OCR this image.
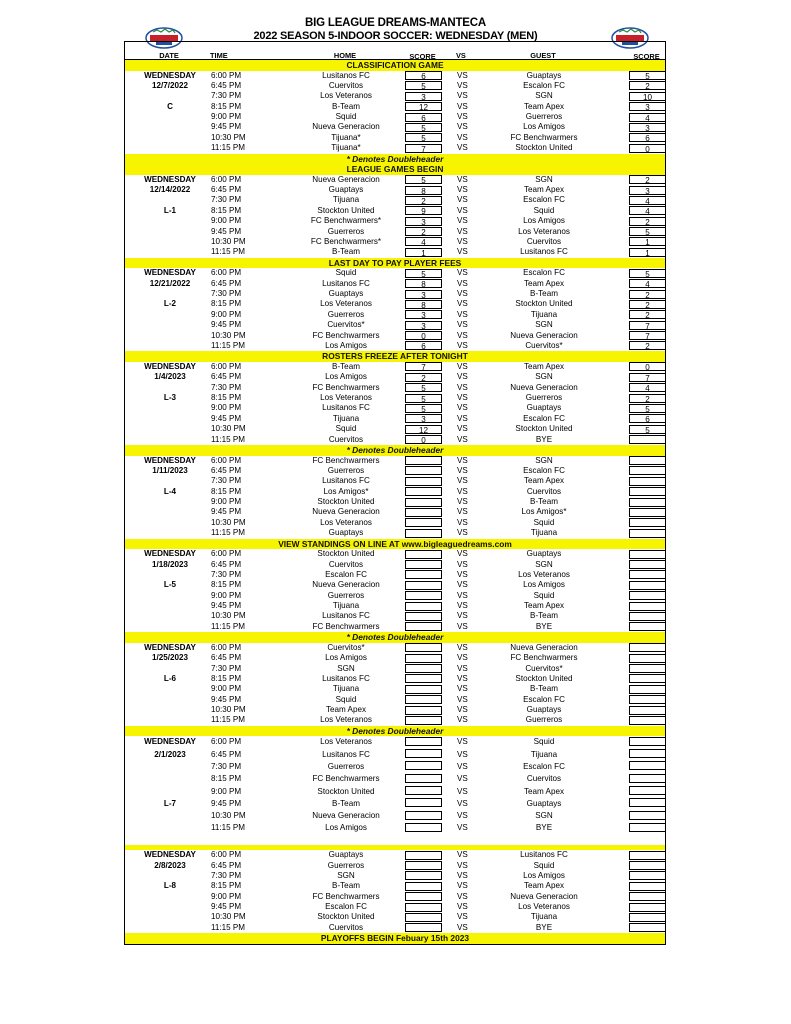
BIG LEAGUE DREAMS-MANTECA
2022 SEASON 5-INDOOR SOCCER: WEDNESDAY (MEN)
CLASSIFICATION GAME
WEDNESDAY	6:00 PM	Lusitanos FC	6	VS	Guaptays	5
12/7/2022	6:45 PM	Cuervitos	5	VS	Escalon FC	2
7:30 PM	Los Veteranos	3	VS	SGN	10
C	8:15 PM	B-Team	12	VS	Team Apex	3
9:00 PM	Squid	6	VS	Guerreros	4
9:45 PM	Nueva Generacion	5	VS	Los Amigos	3
10:30 PM	Tijuana*	5	VS	FC Benchwarmers	6
11:15 PM	Tijuana*	7	VS	Stockton United	0
* Denotes Doubleheader
LEAGUE GAMES BEGIN
WEDNESDAY	6:00 PM	Nueva Generacion	5	VS	SGN	2
12/14/2022	6:45 PM	Guaptays	8	VS	Team Apex	3
7:30 PM	Tijuana	2	VS	Escalon FC	4
L-1	8:15 PM	Stockton United	9	VS	Squid	4
9:00 PM	FC Benchwarmers*	3	VS	Los Amigos	2
9:45 PM	Guerreros	2	VS	Los Veteranos	5
10:30 PM	FC Benchwarmers*	4	VS	Cuervitos	1
11:15 PM	B-Team	1	VS	Lusitanos FC	1
LAST DAY TO PAY PLAYER FEES
WEDNESDAY	6:00 PM	Squid	5	VS	Escalon FC	5
12/21/2022	6:45 PM	Lusitanos FC	8	VS	Team Apex	4
7:30 PM	Guaptays	3	VS	B-Team	2
L-2	8:15 PM	Los Veteranos	8	VS	Stockton United	2
9:00 PM	Guerreros	3	VS	Tijuana	2
9:45 PM	Cuervitos*	3	VS	SGN	7
10:30 PM	FC Benchwarmers	0	VS	Nueva Generacion	7
11:15 PM	Los Amigos	6	VS	Cuervitos*	2
ROSTERS FREEZE AFTER TONIGHT
WEDNESDAY	6:00 PM	B-Team	7	VS	Team Apex	0
1/4/2023	6:45 PM	Los Amigos	2	VS	SGN	7
7:30 PM	FC Benchwarmers	5	VS	Nueva Generacion	4
L-3	8:15 PM	Los Veteranos	5	VS	Guerreros	2
9:00 PM	Lusitanos FC	5	VS	Guaptays	5
9:45 PM	Tijuana	3	VS	Escalon FC	6
10:30 PM	Squid	12	VS	Stockton United	5
11:15 PM	Cuervitos	0	VS	BYE
* Denotes Doubleheader
WEDNESDAY	6:00 PM	FC Benchwarmers	VS	SGN
1/11/2023	6:45 PM	Guerreros	VS	Escalon FC
7:30 PM	Lusitanos FC	VS	Team Apex
L-4	8:15 PM	Los Amigos*	VS	Cuervitos
9:00 PM	Stockton United	VS	B-Team
9:45 PM	Nueva Generacion	VS	Los Amigos*
10:30 PM	Los Veteranos	VS	Squid
11:15 PM	Guaptays	VS	Tijuana
VIEW STANDINGS ON LINE AT www.bigleaguedreams.com
WEDNESDAY	6:00 PM	Stockton United	VS	Guaptays
1/18/2023	6:45 PM	Cuervitos	VS	SGN
7:30 PM	Escalon FC	VS	Los Veteranos
L-5	8:15 PM	Nueva Generacion	VS	Los Amigos
9:00 PM	Guerreros	VS	Squid
9:45 PM	Tijuana	VS	Team Apex
10:30 PM	Lusitanos FC	VS	B-Team
11:15 PM	FC Benchwarmers	VS	BYE
* Denotes Doubleheader
WEDNESDAY	6:00 PM	Cuervitos*	VS	Nueva Generacion
1/25/2023	6:45 PM	Los Amigos	VS	FC Benchwarmers
7:30 PM	SGN	VS	Cuervitos*
L-6	8:15 PM	Lusitanos FC	VS	Stockton United
9:00 PM	Tijuana	VS	B-Team
9:45 PM	Squid	VS	Escalon FC
10:30 PM	Team Apex	VS	Guaptays
11:15 PM	Los Veteranos	VS	Guerreros
* Denotes Doubleheader
WEDNESDAY	6:00 PM	Los Veteranos	VS	Squid
2/1/2023	6:45 PM	Lusitanos FC	VS	Tijuana
7:30 PM	Guerreros	VS	Escalon FC
8:15 PM	FC Benchwarmers	VS	Cuervitos
9:00 PM	Stockton United	VS	Team Apex
L-7	9:45 PM	B-Team	VS	Guaptays
10:30 PM	Nueva Generacion	VS	SGN
11:15 PM	Los Amigos	VS	BYE
WEDNESDAY	6:00 PM	Guaptays	VS	Lusitanos FC
2/8/2023	6:45 PM	Guerreros	VS	Squid
7:30 PM	SGN	VS	Los Amigos
L-8	8:15 PM	B-Team	VS	Team Apex
9:00 PM	FC Benchwarmers	VS	Nueva Generacion
9:45 PM	Escalon FC	VS	Los Veteranos
10:30 PM	Stockton United	VS	Tijuana
11:15 PM	Cuervitos	VS	BYE
PLAYOFFS BEGIN Febuary 15th 2023
DATE	TIME	HOME	SCORE	VS	GUEST	SCORE
